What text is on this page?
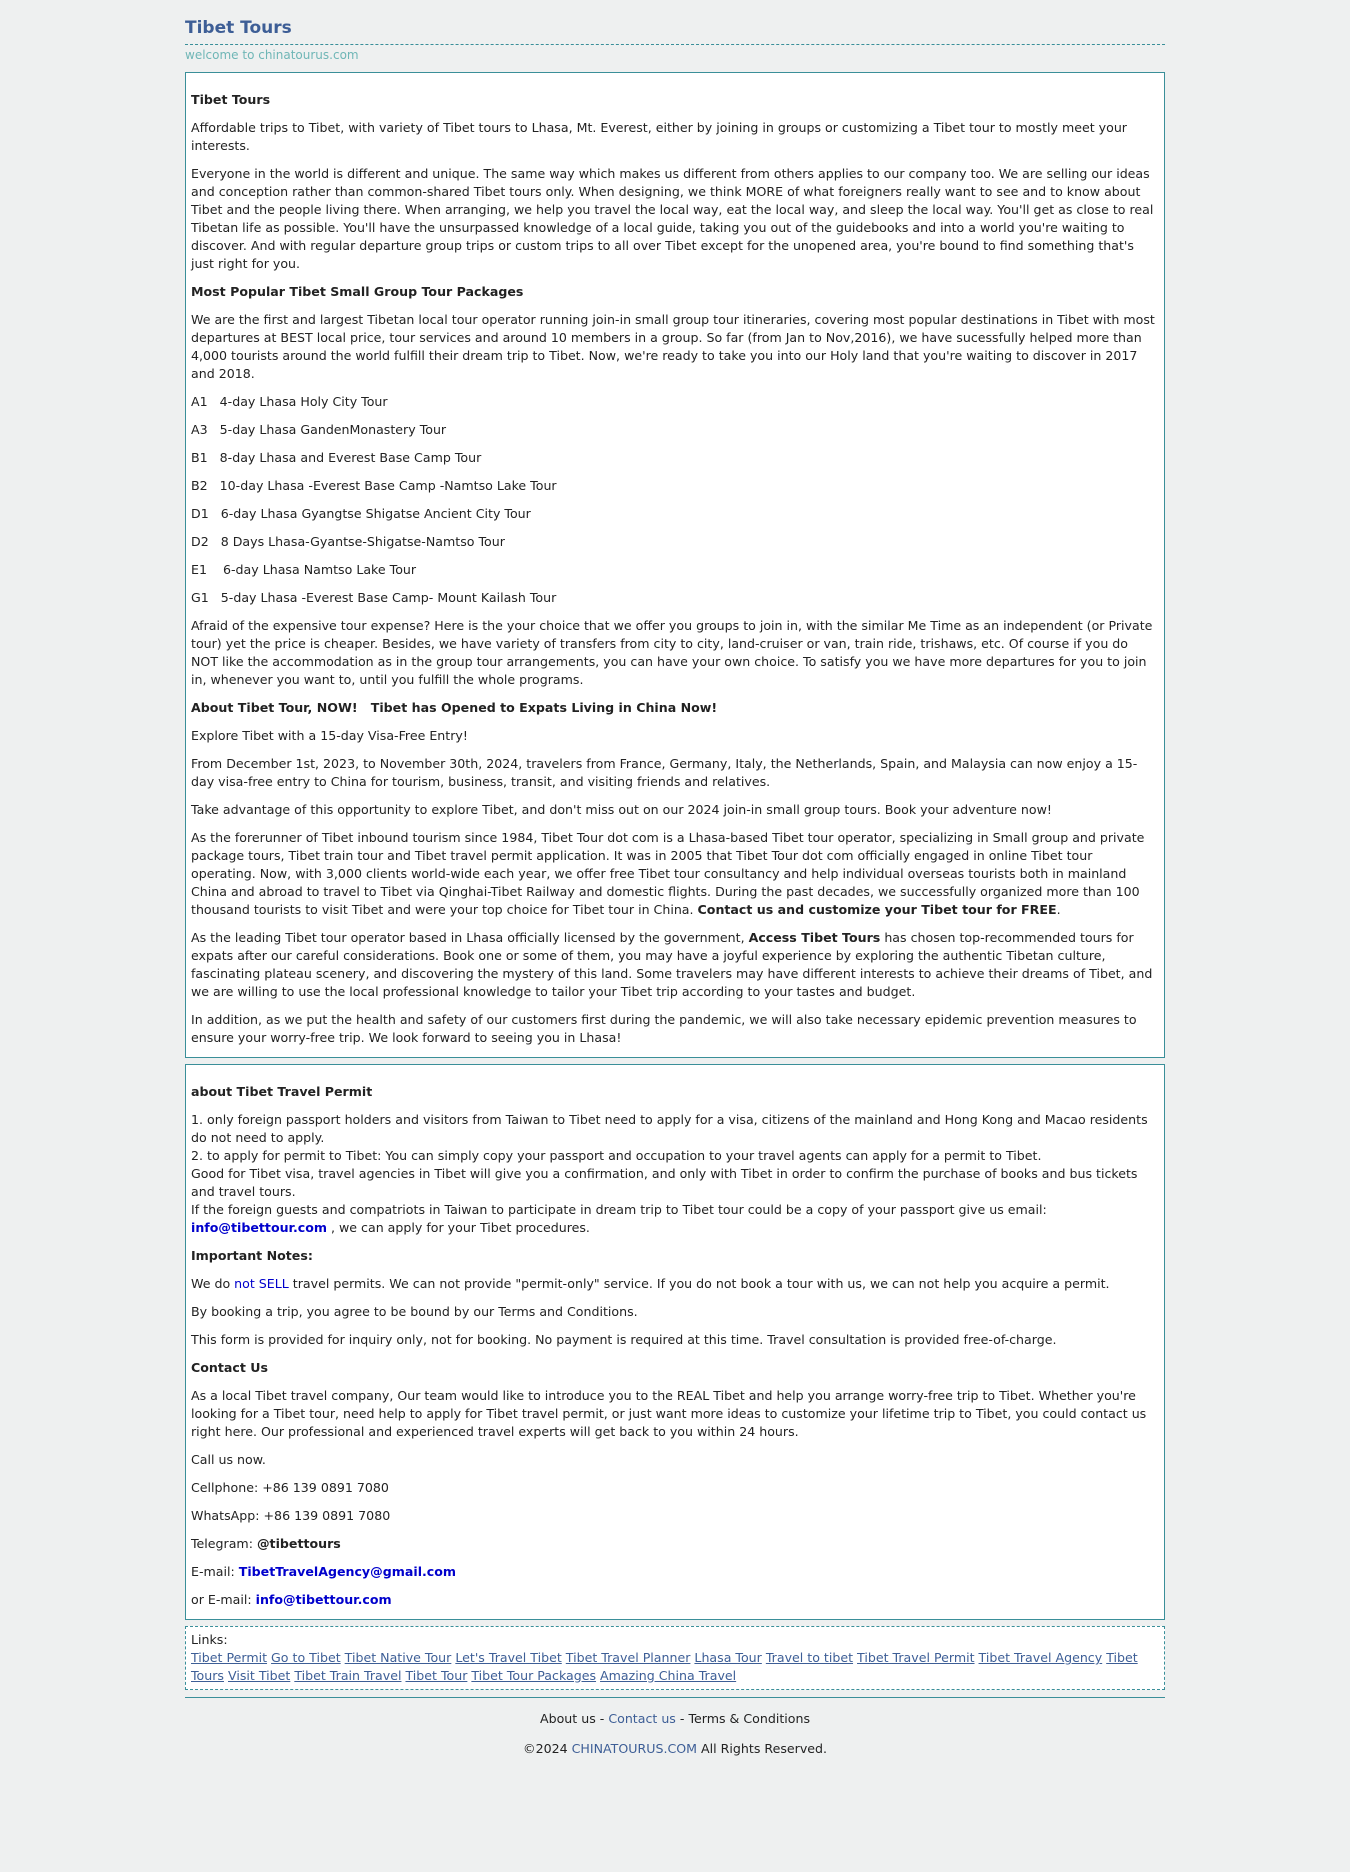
Tibet Tours
welcome to chinatourus.com

Tibet Tours

Affordable trips to Tibet, with variety of Tibet tours to Lhasa, Mt. Everest, either by joining in groups or customizing a Tibet tour to mostly meet your interests.

Everyone in the world is different and unique. The same way which makes us different from others applies to our company too. We are selling our ideas and conception rather than common-shared Tibet tours only. When designing, we think MORE of what foreigners really want to see and to know about Tibet and the people living there. When arranging, we help you travel the local way, eat the local way, and sleep the local way. You'll get as close to real Tibetan life as possible. You'll have the unsurpassed knowledge of a local guide, taking you out of the guidebooks and into a world you're waiting to discover. And with regular departure group trips or custom trips to all over Tibet except for the unopened area, you're bound to find something that's just right for you.

Most Popular Tibet Small Group Tour Packages

We are the first and largest Tibetan local tour operator running join-in small group tour itineraries, covering most popular destinations in Tibet with most departures at BEST local price, tour services and around 10 members in a group. So far (from Jan to Nov,2016), we have sucessfully helped more than 4,000 tourists around the world fulfill their dream trip to Tibet. Now, we're ready to take you into our Holy land that you're waiting to discover in 2017 and 2018.

A1   4-day Lhasa Holy City Tour

A3   5-day Lhasa GandenMonastery Tour

B1   8-day Lhasa and Everest Base Camp Tour

B2   10-day Lhasa -Everest Base Camp -Namtso Lake Tour

D1   6-day Lhasa Gyangtse Shigatse Ancient City Tour

D2   8 Days Lhasa-Gyantse-Shigatse-Namtso Tour

E1    6-day Lhasa Namtso Lake Tour

G1   5-day Lhasa -Everest Base Camp- Mount Kailash Tour

Afraid of the expensive tour expense? Here is the your choice that we offer you groups to join in, with the similar Me Time as an independent (or Private tour) yet the price is cheaper. Besides, we have variety of transfers from city to city, land-cruiser or van, train ride, trishaws, etc. Of course if you do NOT like the accommodation as in the group tour arrangements, you can have your own choice. To satisfy you we have more departures for you to join in, whenever you want to, until you fulfill the whole programs.

About Tibet Tour, NOW!   Tibet has Opened to Expats Living in China Now!

Explore Tibet with a 15-day Visa-Free Entry!

From December 1st, 2023, to November 30th, 2024, travelers from France, Germany, Italy, the Netherlands, Spain, and Malaysia can now enjoy a 15-day visa-free entry to China for tourism, business, transit, and visiting friends and relatives.

Take advantage of this opportunity to explore Tibet, and don't miss out on our 2024 join-in small group tours. Book your adventure now!

As the forerunner of Tibet inbound tourism since 1984, Tibet Tour dot com is a Lhasa-based Tibet tour operator, specializing in Small group and private package tours, Tibet train tour and Tibet travel permit application. It was in 2005 that Tibet Tour dot com officially engaged in online Tibet tour operating. Now, with 3,000 clients world-wide each year, we offer free Tibet tour consultancy and help individual overseas tourists both in mainland China and abroad to travel to Tibet via Qinghai-Tibet Railway and domestic flights. During the past decades, we successfully organized more than 100 thousand tourists to visit Tibet and were your top choice for Tibet tour in China. Contact us and customize your Tibet tour for FREE.

As the leading Tibet tour operator based in Lhasa officially licensed by the government, Access Tibet Tours has chosen top-recommended tours for expats after our careful considerations. Book one or some of them, you may have a joyful experience by exploring the authentic Tibetan culture, fascinating plateau scenery, and discovering the mystery of this land. Some travelers may have different interests to achieve their dreams of Tibet, and we are willing to use the local professional knowledge to tailor your Tibet trip according to your tastes and budget.

In addition, as we put the health and safety of our customers first during the pandemic, we will also take necessary epidemic prevention measures to ensure your worry-free trip. We look forward to seeing you in Lhasa!

about Tibet Travel Permit

1. only foreign passport holders and visitors from Taiwan to Tibet need to apply for a visa, citizens of the mainland and Hong Kong and Macao residents do not need to apply.
2. to apply for permit to Tibet: You can simply copy your passport and occupation to your travel agents can apply for a permit to Tibet.
Good for Tibet visa, travel agencies in Tibet will give you a confirmation, and only with Tibet in order to confirm the purchase of books and bus tickets and travel tours.
If the foreign guests and compatriots in Taiwan to participate in dream trip to Tibet tour could be a copy of your passport give us email: info@tibettour.com , we can apply for your Tibet procedures.

Important Notes:

We do not SELL travel permits. We can not provide "permit-only" service. If you do not book a tour with us, we can not help you acquire a permit.

By booking a trip, you agree to be bound by our Terms and Conditions.

This form is provided for inquiry only, not for booking. No payment is required at this time. Travel consultation is provided free-of-charge.

Contact Us

As a local Tibet travel company, Our team would like to introduce you to the REAL Tibet and help you arrange worry-free trip to Tibet. Whether you're looking for a Tibet tour, need help to apply for Tibet travel permit, or just want more ideas to customize your lifetime trip to Tibet, you could contact us right here. Our professional and experienced travel experts will get back to you within 24 hours.

Call us now.

Cellphone: +86 139 0891 7080

WhatsApp: +86 139 0891 7080

Telegram: @tibettours

E-mail: TibetTravelAgency@gmail.com

or E-mail: info@tibettour.com

Links:
Tibet Permit Go to Tibet Tibet Native Tour Let's Travel Tibet Tibet Travel Planner Lhasa Tour Travel to tibet Tibet Travel Permit Tibet Travel Agency Tibet Tours Visit Tibet Tibet Train Travel Tibet Tour Tibet Tour Packages Amazing China Travel

About us - Contact us - Terms & Conditions

©2024 CHINATOURUS.COM All Rights Reserved.
